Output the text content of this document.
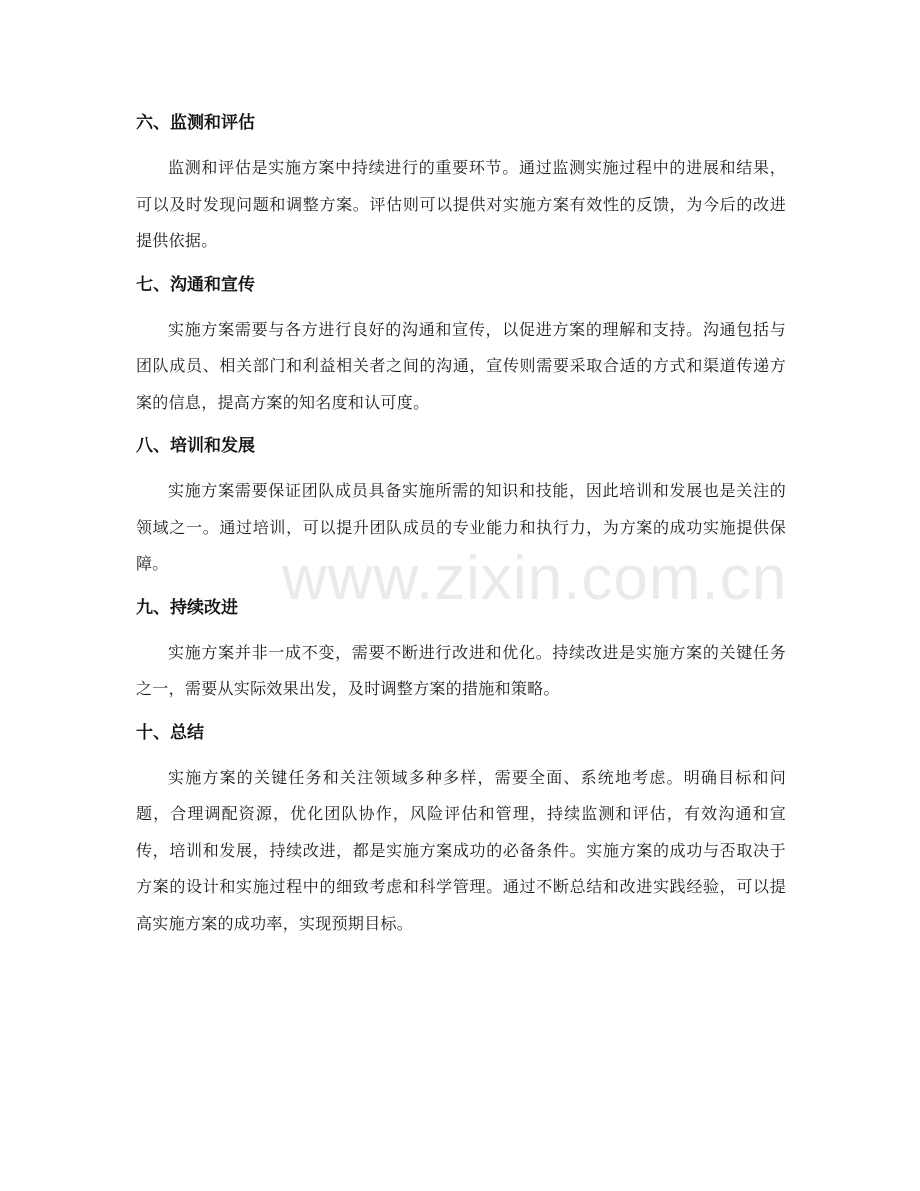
六、监测和评估

监测和评估是实施方案中持续进行的重要环节。通过监测实施过程中的进展和结果，可以及时发现问题和调整方案。评估则可以提供对实施方案有效性的反馈，为今后的改进提供依据。

七、沟通和宣传

实施方案需要与各方进行良好的沟通和宣传，以促进方案的理解和支持。沟通包括与团队成员、相关部门和利益相关者之间的沟通，宣传则需要采取合适的方式和渠道传递方案的信息，提高方案的知名度和认可度。

八、培训和发展

实施方案需要保证团队成员具备实施所需的知识和技能，因此培训和发展也是关注的领域之一。通过培训，可以提升团队成员的专业能力和执行力，为方案的成功实施提供保障。

九、持续改进

实施方案并非一成不变，需要不断进行改进和优化。持续改进是实施方案的关键任务之一，需要从实际效果出发，及时调整方案的措施和策略。

十、总结

实施方案的关键任务和关注领域多种多样，需要全面、系统地考虑。明确目标和问题，合理调配资源，优化团队协作，风险评估和管理，持续监测和评估，有效沟通和宣传，培训和发展，持续改进，都是实施方案成功的必备条件。实施方案的成功与否取决于方案的设计和实施过程中的细致考虑和科学管理。通过不断总结和改进实践经验，可以提高实施方案的成功率，实现预期目标。

www.zixin.com.cn
